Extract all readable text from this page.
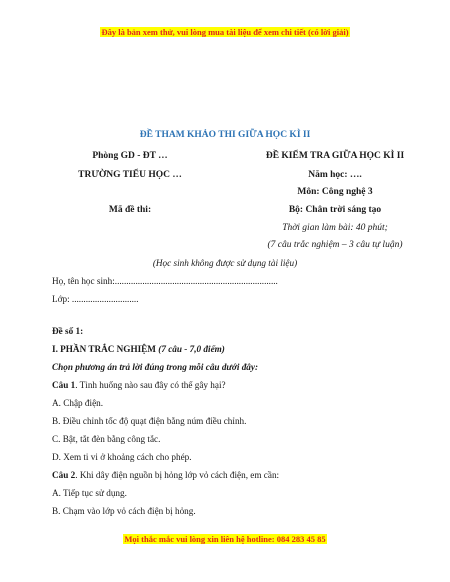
Đây là bản xem thử, vui lòng mua tài liệu để xem chi tiết (có lời giải)
ĐỀ THAM KHẢO THI GIỮA HỌC KÌ II
Phòng GD - ĐT …
TRƯỜNG TIỂU HỌC …
Mã đề thi:
ĐỀ KIỂM TRA GIỮA HỌC KÌ II
Năm học: ….
Môn: Công nghệ 3
Bộ: Chân trời sáng tạo
Thời gian làm bài: 40 phút;
(7 câu trắc nghiệm – 3 câu tự luận)
(Học sinh không được sử dụng tài liệu)
Họ, tên học sinh:.......................................................................
Lớp: .............................
Đề số 1:
I. PHẦN TRẮC NGHIỆM (7 câu - 7,0 điểm)
Chọn phương án trả lời đúng trong mỗi câu dưới đây:
Câu 1. Tình huống nào sau đây có thể gây hại?
A. Chập điện.
B. Điều chỉnh tốc độ quạt điện bằng núm điều chỉnh.
C. Bật, tắt đèn bằng công tắc.
D. Xem ti vi ở khoảng cách cho phép.
Câu 2. Khi dây điện nguồn bị hỏng lớp vỏ cách điện, em cần:
A. Tiếp tục sử dụng.
B. Chạm vào lớp vỏ cách điện bị hỏng.
Mọi thắc mắc vui lòng xin liên hệ hotline: 084 283 45 85
